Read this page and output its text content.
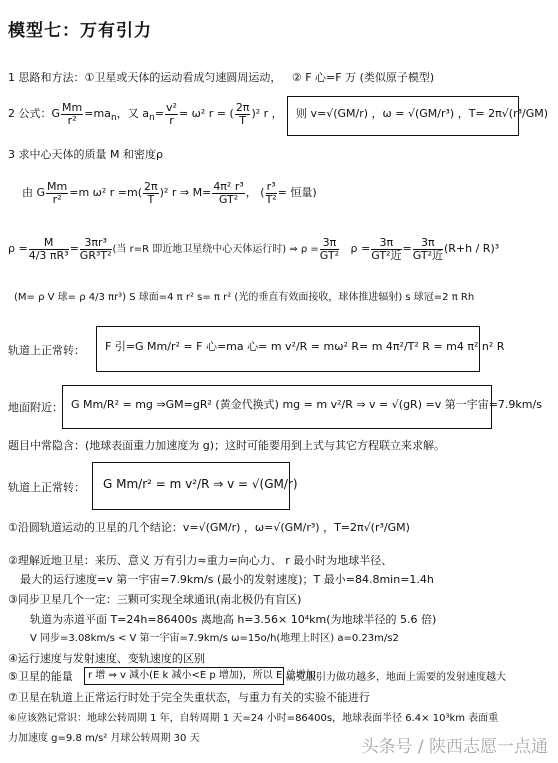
模型七：万有引力
1 思路和方法：①卫星或天体的运动看成匀速圆周运动， ② F 心=F 万 (类似原子模型)
2 公式：G $\frac{Mm}{\text{r²}} =ma_n$，又 $a_n= \frac{\text{v²}}{r} = \omega^2$ r = ( $\frac{2\pi}{T} )^2$ r ， 则 v=√(GM/r) ，ω = √(GM/r³) ，T= 2π√(r³/GM)
3 求中心天体的质量 M 和密度ρ
由 G $\frac{Mm}{\text{r²}} =m$ ω² $r =m( \frac{2\pi}{T} )^2$ r ⇒ $M= \frac{\text{4π² r³}}{\text{GT²}}$ ， ( $\frac{\text{r³}}{\text{T²}}$ = 恒量)
$\rho = \frac{M}{\text{4/3 πR³}} = \frac{\text{3πr³}}{\text{GR³T²}}$ (当 r=R 即近地卫星绕中心天体运行时) ⇒ $\rho = \frac{3\pi}{\text{GT²}}$ $\rho = \frac{3\pi}{\text{GT²近}} = \frac{3\pi}{\text{GT²近}} (R+h / R)^3$
(M= ρ V 球= ρ 4/3 πr³) S 球面=4 π r² s= π r² (光的垂直有效面接收，球体推进辐射) s 球冠=2 π Rh
轨道上正常转： F 引=G Mm/r² = F 心=ma 心= m v²/R = mω² R= m 4π²/T² R = m4 π² n² R
地面附近： G Mm/R² = mg ⇒GM=gR² (黄金代换式) mg = m v²/R ⇒ v = √(gR) =v 第一宇宙=7.9km/s
题目中常隐含：(地球表面重力加速度为 g)；这时可能要用到上式与其它方程联立来求解。
轨道上正常转： G Mm/r² = m v²/R ⇒ v = √(GM/r)
①沿圆轨道运动的卫星的几个结论：v=√(GM/r) ，ω=√(GM/r³) ，T=2π√(r³/GM)
②理解近地卫星：来历、意义 万有引力≈重力=向心力、 r 最小时为地球半径、
最大的运行速度=v 第一宇宙=7.9km/s (最小的发射速度)；T 最小=84.8min=1.4h
③同步卫星几个一定：三颗可实现全球通讯(南北极仍有盲区)
轨道为赤道平面 T=24h=86400s 离地高 h=3.56× 10⁴km(为地球半径的 5.6 倍)
V 同步=3.08km/s < V 第一宇宙=7.9km/s ω=15o/h(地理上时区) a=0.23m/s2
④运行速度与发射速度、变轨速度的区别
⑤卫星的能量 r 增 ⇒ v 减小(E k 减小<E p 增加)，所以 E 总增加；
需克服引力做功越多，地面上需要的发射速度越大
⑦卫星在轨道上正常运行时处于完全失重状态，与重力有关的实验不能进行
⑥应该熟记常识：地球公转周期 1 年，自转周期 1 天=24 小时=86400s，地球表面半径 6.4× 10³km 表面重
力加速度 g=9.8 m/s² 月球公转周期 30 天	头条号 / 陕西志愿一点通
